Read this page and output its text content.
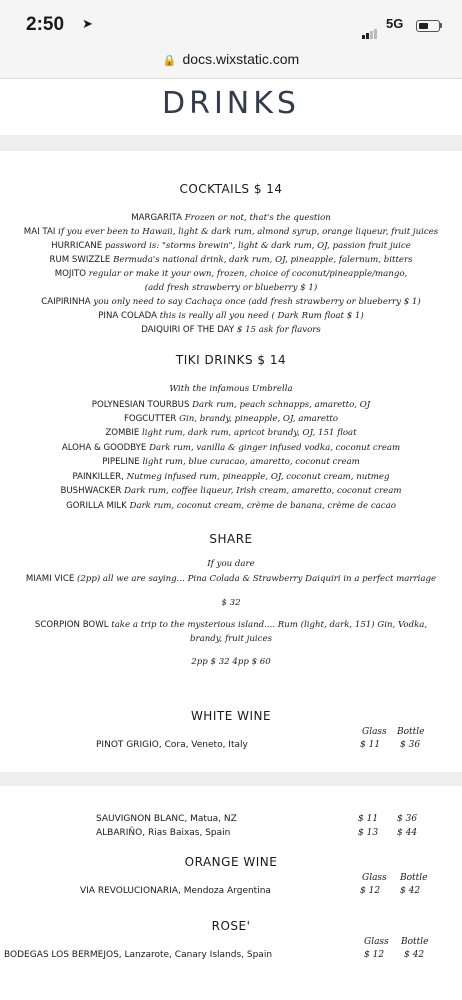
2:50 ➤	5G
🔒 docs.wixstatic.com
DRINKS
COCKTAILS $ 14
MARGARITA Frozen or not, that's the question
MAI TAI if you ever been to Hawaii, light & dark rum, almond syrup, orange liqueur, fruit juices
HURRICANE password is: "storms brewin", light & dark rum, OJ, passion fruit juice
RUM SWIZZLE Bermuda's national drink, dark rum, OJ, pineapple, falernum, bitters
MOJITO regular or make it your own, frozen, choice of coconut/pineapple/mango,
(add fresh strawberry or blueberry $ 1)
CAIPIRINHA you only need to say Cachaça once (add fresh strawberry or blueberry $ 1)
PINA COLADA this is really all you need ( Dark Rum float $ 1)
DAIQUIRI OF THE DAY $ 15 ask for flavors
TIKI DRINKS $ 14
With the infamous Umbrella
POLYNESIAN TOURBUS Dark rum, peach schnapps, amaretto, OJ
FOGCUTTER Gin, brandy, pineapple, OJ, amaretto
ZOMBIE light rum, dark rum, apricot brandy, OJ, 151 float
ALOHA & GOODBYE Dark rum, vanilla & ginger infused vodka, coconut cream
PIPELINE light rum, blue curacao, amaretto, coconut cream
PAINKILLER, Nutmeg infused rum, pineapple, OJ, coconut cream, nutmeg
BUSHWACKER Dark rum, coffee liqueur, Irish cream, amaretto, coconut cream
GORILLA MILK Dark rum, coconut cream, crème de banana, crème de cacao
SHARE
If you dare
MIAMI VICE (2pp) all we are saying... Pina Colada & Strawberry Daiquiri in a perfect marriage
$ 32
SCORPION BOWL take a trip to the mysterious island.... Rum (light, dark, 151) Gin, Vodka,
brandy, fruit juices
2pp $ 32 4pp $ 60
WHITE WINE
Glass Bottle
PINOT GRIGIO, Cora, Veneto, Italy	$ 11 $ 36
SAUVIGNON BLANC, Matua, NZ	$ 11 $ 36
ALBARIÑO, Rias Baixas, Spain	$ 13 $ 44
ORANGE WINE
Glass Bottle
VIA REVOLUCIONARIA, Mendoza Argentina	$ 12 $ 42
ROSE'
Glass Bottle
BODEGAS LOS BERMEJOS, Lanzarote, Canary Islands, Spain	$ 12 $ 42
